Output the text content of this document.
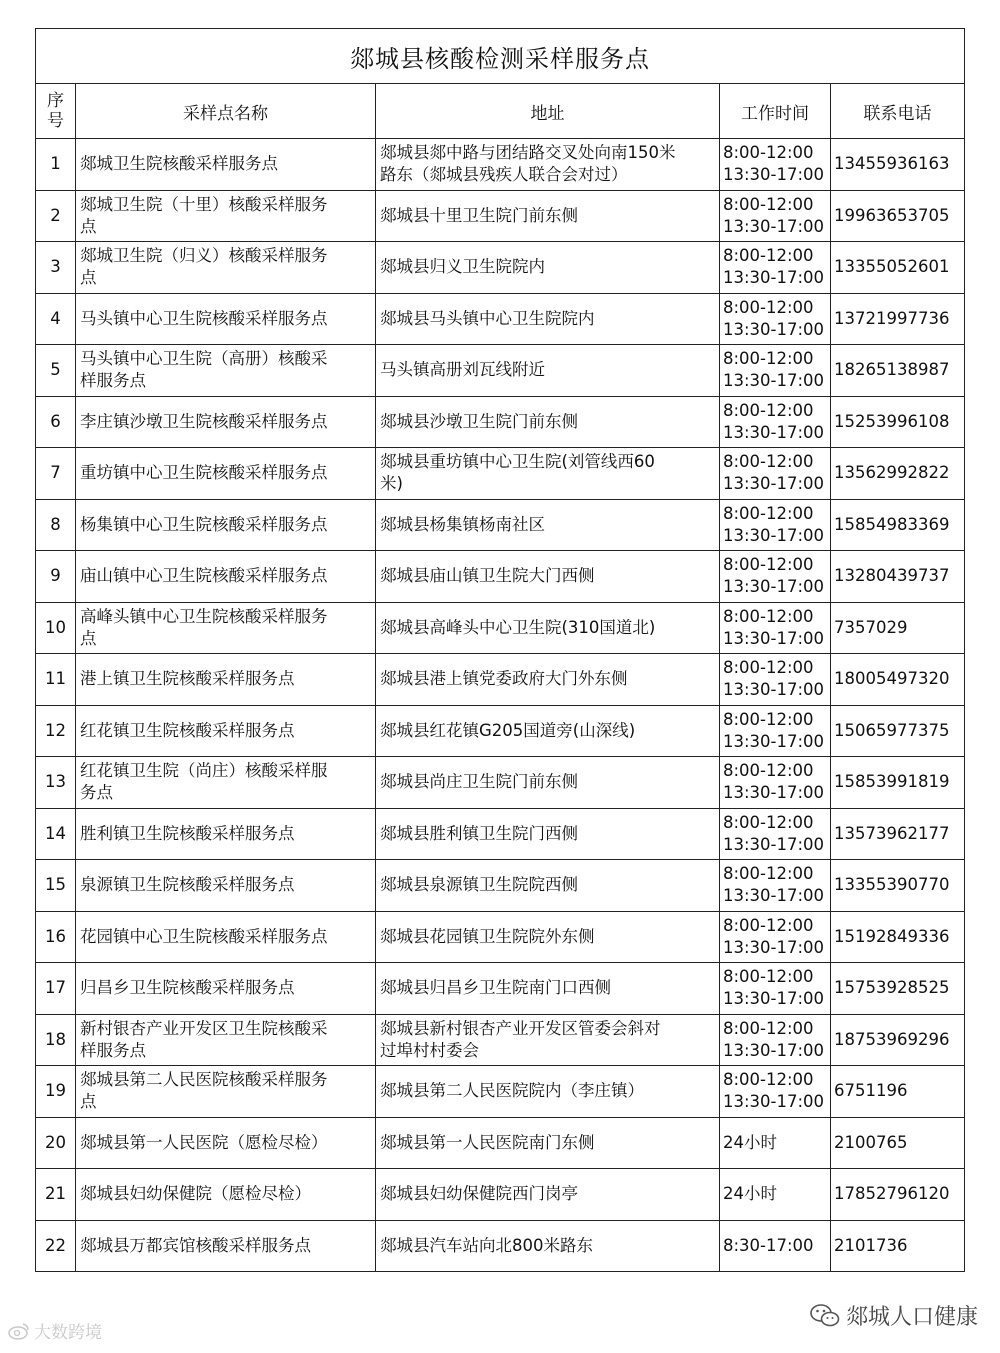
郯城县核酸检测采样服务点				

序
号	采样点名称	地址	工作时间	联系电话
1	郯城卫生院核酸采样服务点	郯城县郯中路与团结路交叉处向南150米
路东（郯城县残疾人联合会对过）	8:00-12:00
13:30-17:00	13455936163
2	郯城卫生院（十里）核酸采样服务
点	郯城县十里卫生院门前东侧	8:00-12:00
13:30-17:00	19963653705
3	郯城卫生院（归义）核酸采样服务
点	郯城县归义卫生院院内	8:00-12:00
13:30-17:00	13355052601
4	马头镇中心卫生院核酸采样服务点	郯城县马头镇中心卫生院院内	8:00-12:00
13:30-17:00	13721997736
5	马头镇中心卫生院（高册）核酸采
样服务点	马头镇高册刘瓦线附近	8:00-12:00
13:30-17:00	18265138987
6	李庄镇沙墩卫生院核酸采样服务点	郯城县沙墩卫生院门前东侧	8:00-12:00
13:30-17:00	15253996108
7	重坊镇中心卫生院核酸采样服务点	郯城县重坊镇中心卫生院(刘管线西60
米)	8:00-12:00
13:30-17:00	13562992822
8	杨集镇中心卫生院核酸采样服务点	郯城县杨集镇杨南社区	8:00-12:00
13:30-17:00	15854983369
9	庙山镇中心卫生院核酸采样服务点	郯城县庙山镇卫生院大门西侧	8:00-12:00
13:30-17:00	13280439737
10	高峰头镇中心卫生院核酸采样服务
点	郯城县高峰头中心卫生院(310国道北)	8:00-12:00
13:30-17:00	7357029
11	港上镇卫生院核酸采样服务点	郯城县港上镇党委政府大门外东侧	8:00-12:00
13:30-17:00	18005497320
12	红花镇卫生院核酸采样服务点	郯城县红花镇G205国道旁(山深线)	8:00-12:00
13:30-17:00	15065977375
13	红花镇卫生院（尚庄）核酸采样服
务点	郯城县尚庄卫生院门前东侧	8:00-12:00
13:30-17:00	15853991819
14	胜利镇卫生院核酸采样服务点	郯城县胜利镇卫生院门西侧	8:00-12:00
13:30-17:00	13573962177
15	泉源镇卫生院核酸采样服务点	郯城县泉源镇卫生院院西侧	8:00-12:00
13:30-17:00	13355390770
16	花园镇中心卫生院核酸采样服务点	郯城县花园镇卫生院院外东侧	8:00-12:00
13:30-17:00	15192849336
17	归昌乡卫生院核酸采样服务点	郯城县归昌乡卫生院南门口西侧	8:00-12:00
13:30-17:00	15753928525
18	新村银杏产业开发区卫生院核酸采
样服务点	郯城县新村银杏产业开发区管委会斜对
过埠村村委会	8:00-12:00
13:30-17:00	18753969296
19	郯城县第二人民医院核酸采样服务
点	郯城县第二人民医院院内（李庄镇）	8:00-12:00
13:30-17:00	6751196
20	郯城县第一人民医院（愿检尽检）	郯城县第一人民医院南门东侧	24小时	2100765
21	郯城县妇幼保健院（愿检尽检）	郯城县妇幼保健院西门岗亭	24小时	17852796120
22	郯城县万都宾馆核酸采样服务点	郯城县汽车站向北800米路东	8:30-17:00	2101736
大数跨境
郯城人口健康
